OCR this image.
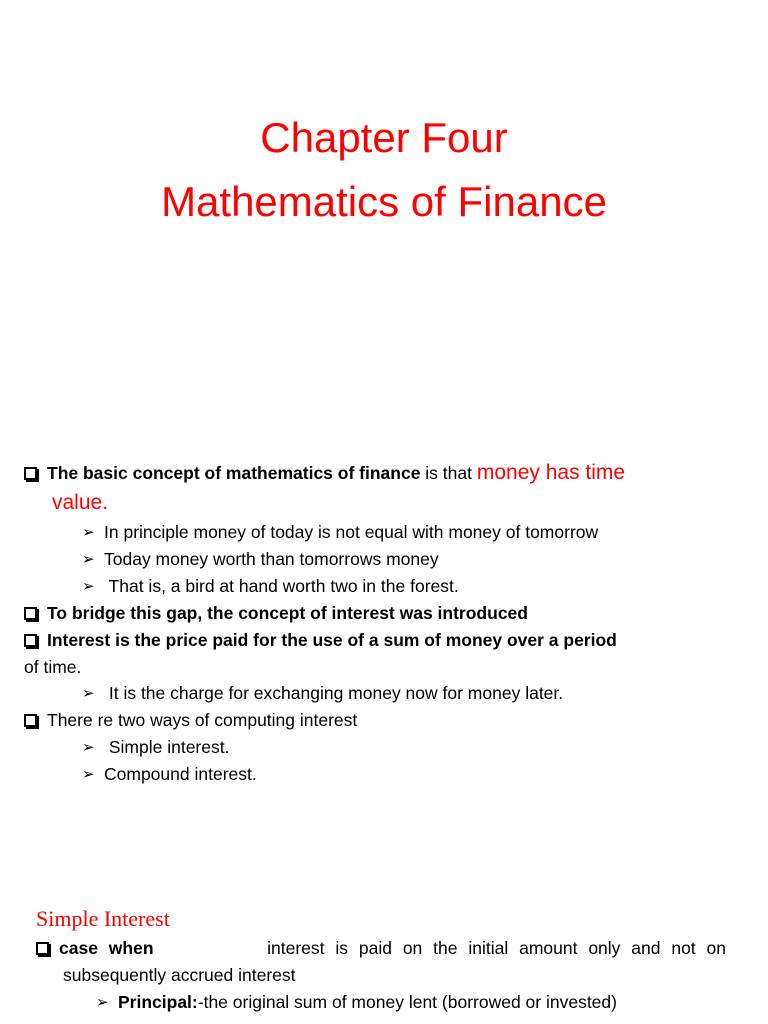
Chapter Four
Mathematics of Finance
The basic concept of mathematics of finance is that money has time
value.
➢ In principle money of today is not equal with money of tomorrow
➢ Today money worth than tomorrows money
➢ That is, a bird at hand worth two in the forest.
To bridge this gap, the concept of interest was introduced
Interest is the price paid for the use of a sum of money over a period
of time.
➢ It is the charge for exchanging money now for money later.
There re two ways of computing interest
➢ Simple interest.
➢ Compound interest.
Simple Interest
case when	interest is paid on the initial amount only and not on
subsequently accrued interest
➢ Principal:-the original sum of money lent (borrowed or invested)
